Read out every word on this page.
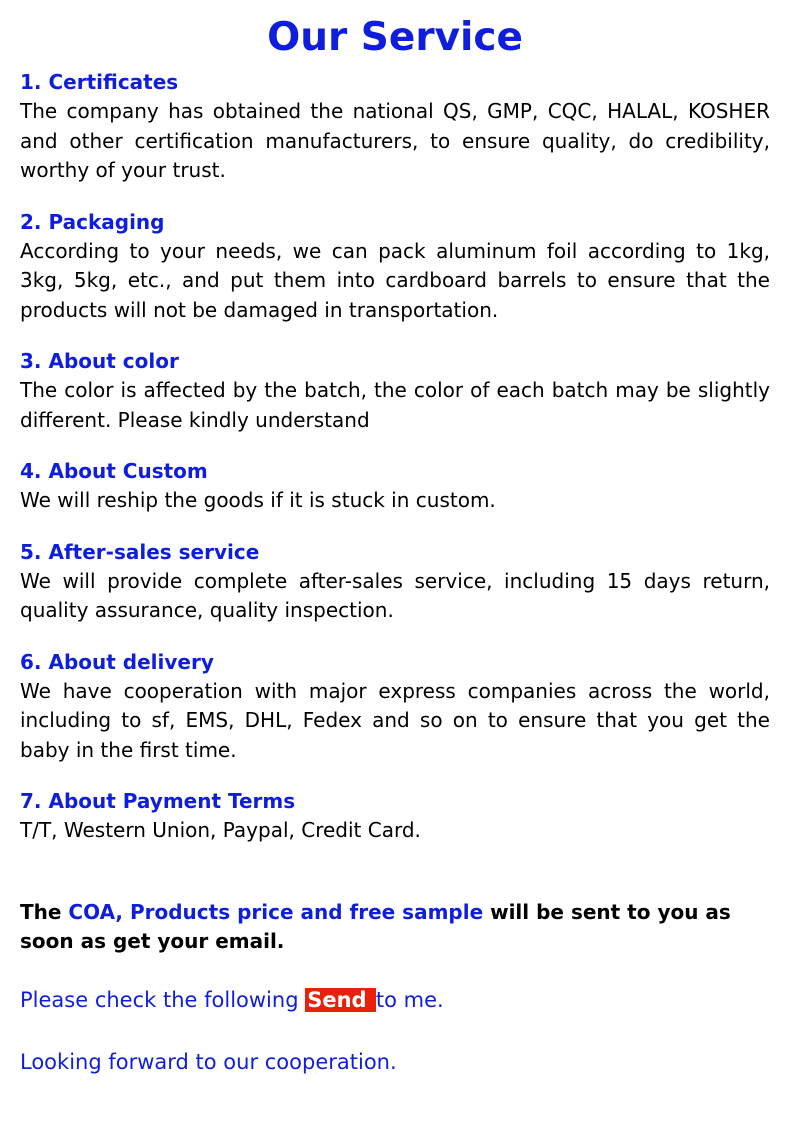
Our Service

1. Certificates

The company has obtained the national QS, GMP, CQC, HALAL, KOSHER and other certification manufacturers, to ensure quality, do credibility, worthy of your trust.

2. Packaging

According to your needs, we can pack aluminum foil according to 1kg, 3kg, 5kg, etc., and put them into cardboard barrels to ensure that the products will not be damaged in transportation.

3. About color

The color is affected by the batch, the color of each batch may be slightly different. Please kindly understand

4. About Custom

We will reship the goods if it is stuck in custom.

5. After-sales service

We will provide complete after-sales service, including 15 days return, quality assurance, quality inspection.

6. About delivery

We have cooperation with major express companies across the world, including to sf, EMS, DHL, Fedex and so on to ensure that you get the baby in the first time.

7. About Payment Terms

T/T, Western Union, Paypal, Credit Card.

The COA, Products price and free sample will be sent to you as soon as get your email.

Please check the following Send to me.

Looking forward to our cooperation.
